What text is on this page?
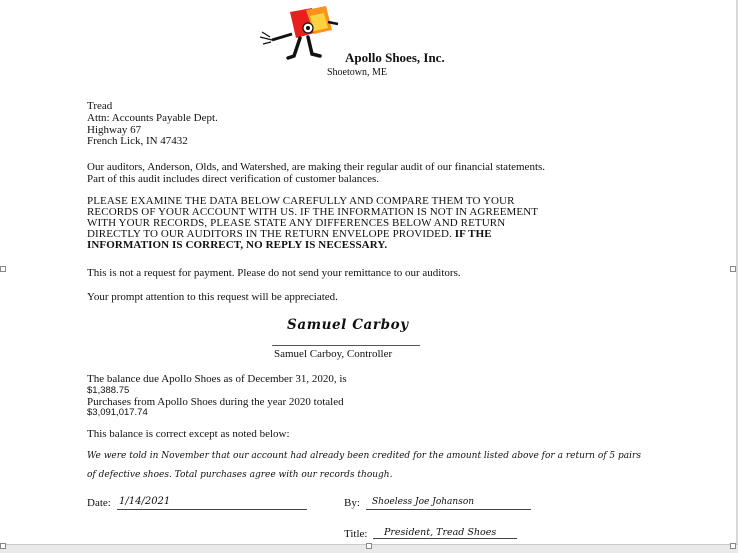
Apollo Shoes, Inc.
Shoetown, ME
Tread
Attn: Accounts Payable Dept.
Highway 67
French Lick, IN 47432
Our auditors, Anderson, Olds, and Watershed, are making their regular audit of our financial statements.
Part of this audit includes direct verification of customer balances.
PLEASE EXAMINE THE DATA BELOW CAREFULLY AND COMPARE THEM TO YOUR
RECORDS OF YOUR ACCOUNT WITH US. IF THE INFORMATION IS NOT IN AGREEMENT
WITH YOUR RECORDS, PLEASE STATE ANY DIFFERENCES BELOW AND RETURN
DIRECTLY TO OUR AUDITORS IN THE RETURN ENVELOPE PROVIDED. IF THE
INFORMATION IS CORRECT, NO REPLY IS NECESSARY.
This is not a request for payment. Please do not send your remittance to our auditors.
Your prompt attention to this request will be appreciated.
Samuel Carboy
Samuel Carboy, Controller
The balance due Apollo Shoes as of December 31, 2020, is
$1,388.75
Purchases from Apollo Shoes during the year 2020 totaled
$3,091,017.74
This balance is correct except as noted below:
We were told in November that our account had already been credited for the amount listed above for a return of 5 pairs
of defective shoes. Total purchases agree with our records though.
Date: 1/14/2021	By: Shoeless Joe Johanson
Title: President, Tread Shoes
